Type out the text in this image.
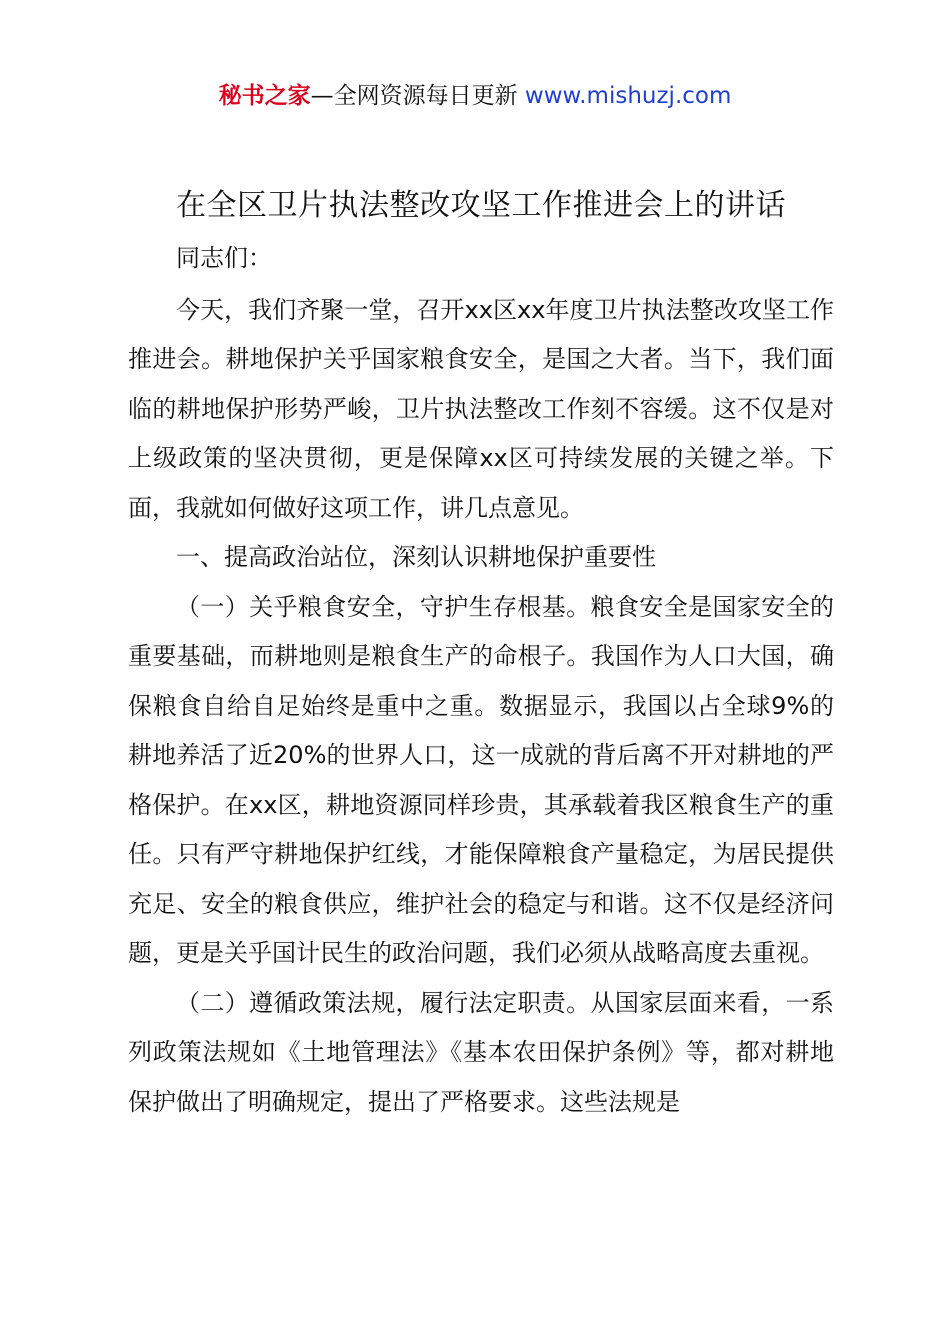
秘书之家—全网资源每日更新 www.mishuzj.com
在全区卫片执法整改攻坚工作推进会上的讲话

同志们：

今天，我们齐聚一堂，召开xx区xx年度卫片执法整改攻坚工作推进会。耕地保护关乎国家粮食安全，是国之大者。当下，我们面临的耕地保护形势严峻，卫片执法整改工作刻不容缓。这不仅是对上级政策的坚决贯彻，更是保障xx区可持续发展的关键之举。下面，我就如何做好这项工作，讲几点意见。

一、提高政治站位，深刻认识耕地保护重要性

（一）关乎粮食安全，守护生存根基。粮食安全是国家安全的重要基础，而耕地则是粮食生产的命根子。我国作为人口大国，确保粮食自给自足始终是重中之重。数据显示，我国以占全球9%的耕地养活了近20%的世界人口，这一成就的背后离不开对耕地的严格保护。在xx区，耕地资源同样珍贵，其承载着我区粮食生产的重任。只有严守耕地保护红线，才能保障粮食产量稳定，为居民提供充足、安全的粮食供应，维护社会的稳定与和谐。这不仅是经济问题，更是关乎国计民生的政治问题，我们必须从战略高度去重视。

（二）遵循政策法规，履行法定职责。从国家层面来看，一系列政策法规如《土地管理法》《基本农田保护条例》等，都对耕地保护做出了明确规定，提出了严格要求。这些法规是
